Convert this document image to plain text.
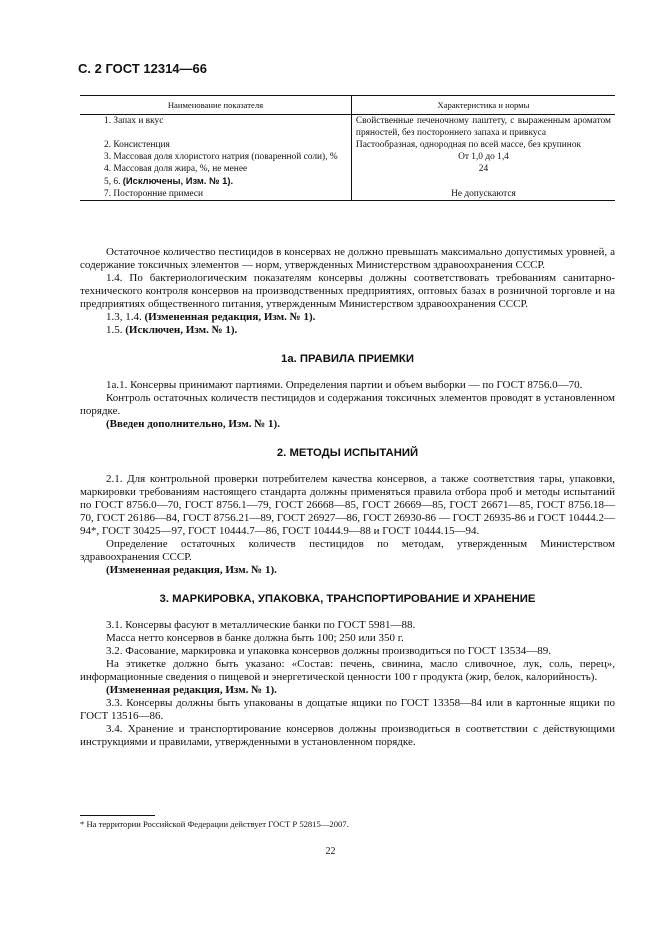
С. 2 ГОСТ 12314—66
Наименование показателя	Характеристика и нормы
1. Запах и вкус	Свойственные печеночному паштету, с выраженным ароматом пряностей, без постороннего запаха и привкуса
2. Консистенция	Пастообразная, однородная по всей массе, без крупинок
3. Массовая доля хлористого натрия (поваренной соли), %	От 1,0 до 1,4
4. Массовая доля жира, %, не менее	24
5, 6. (Исключены, Изм. № 1).	
7. Посторонние примеси	Не допускаются

Остаточное количество пестицидов в консервах не должно превышать максимально допустимых уровней, а содержание токсичных элементов — норм, утвержденных Министерством здравоохранения СССР.

1.4. По бактериологическим показателям консервы должны соответствовать требованиям санитарно-технического контроля консервов на производственных предприятиях, оптовых базах в розничной торговле и на предприятиях общественного питания, утвержденным Министерством здравоохранения СССР.

1.3, 1.4. (Измененная редакция, Изм. № 1).

1.5. (Исключен, Изм. № 1).

1а. ПРАВИЛА ПРИЕМКИ

1а.1. Консервы принимают партиями. Определения партии и объем выборки — по ГОСТ 8756.0—70.

Контроль остаточных количеств пестицидов и содержания токсичных элементов проводят в установленном порядке.

(Введен дополнительно, Изм. № 1).

2. МЕТОДЫ ИСПЫТАНИЙ

2.1. Для контрольной проверки потребителем качества консервов, а также соответствия тары, упаковки, маркировки требованиям настоящего стандарта должны применяться правила отбора проб и методы испытаний по ГОСТ 8756.0—70, ГОСТ 8756.1—79, ГОСТ 26668—85, ГОСТ 26669—85, ГОСТ 26671—85, ГОСТ 8756.18—70, ГОСТ 26186—84, ГОСТ 8756.21—89, ГОСТ 26927—86, ГОСТ 26930-86 — ГОСТ 26935-86 и ГОСТ 10444.2—94*, ГОСТ 30425—97, ГОСТ 10444.7—86, ГОСТ 10444.9—88 и ГОСТ 10444.15—94.

Определение остаточных количеств пестицидов по методам, утвержденным Министерством здравоохранения СССР.

(Измененная редакция, Изм. № 1).

3. МАРКИРОВКА, УПАКОВКА, ТРАНСПОРТИРОВАНИЕ И ХРАНЕНИЕ

3.1. Консервы фасуют в металлические банки по ГОСТ 5981—88.

Масса нетто консервов в банке должна быть 100; 250 или 350 г.

3.2. Фасование, маркировка и упаковка консервов должны производиться по ГОСТ 13534—89.

На этикетке должно быть указано: «Состав: печень, свинина, масло сливочное, лук, соль, перец», информационные сведения о пищевой и энергетической ценности 100 г продукта (жир, белок, калорийность).

(Измененная редакция, Изм. № 1).

3.3. Консервы должны быть упакованы в дощатые ящики по ГОСТ 13358—84 или в картонные ящики по ГОСТ 13516—86.

3.4. Хранение и транспортирование консервов должны производиться в соответствии с действующими инструкциями и правилами, утвержденными в установленном порядке.

* На территории Российской Федерации действует ГОСТ Р 52815—2007.
22
